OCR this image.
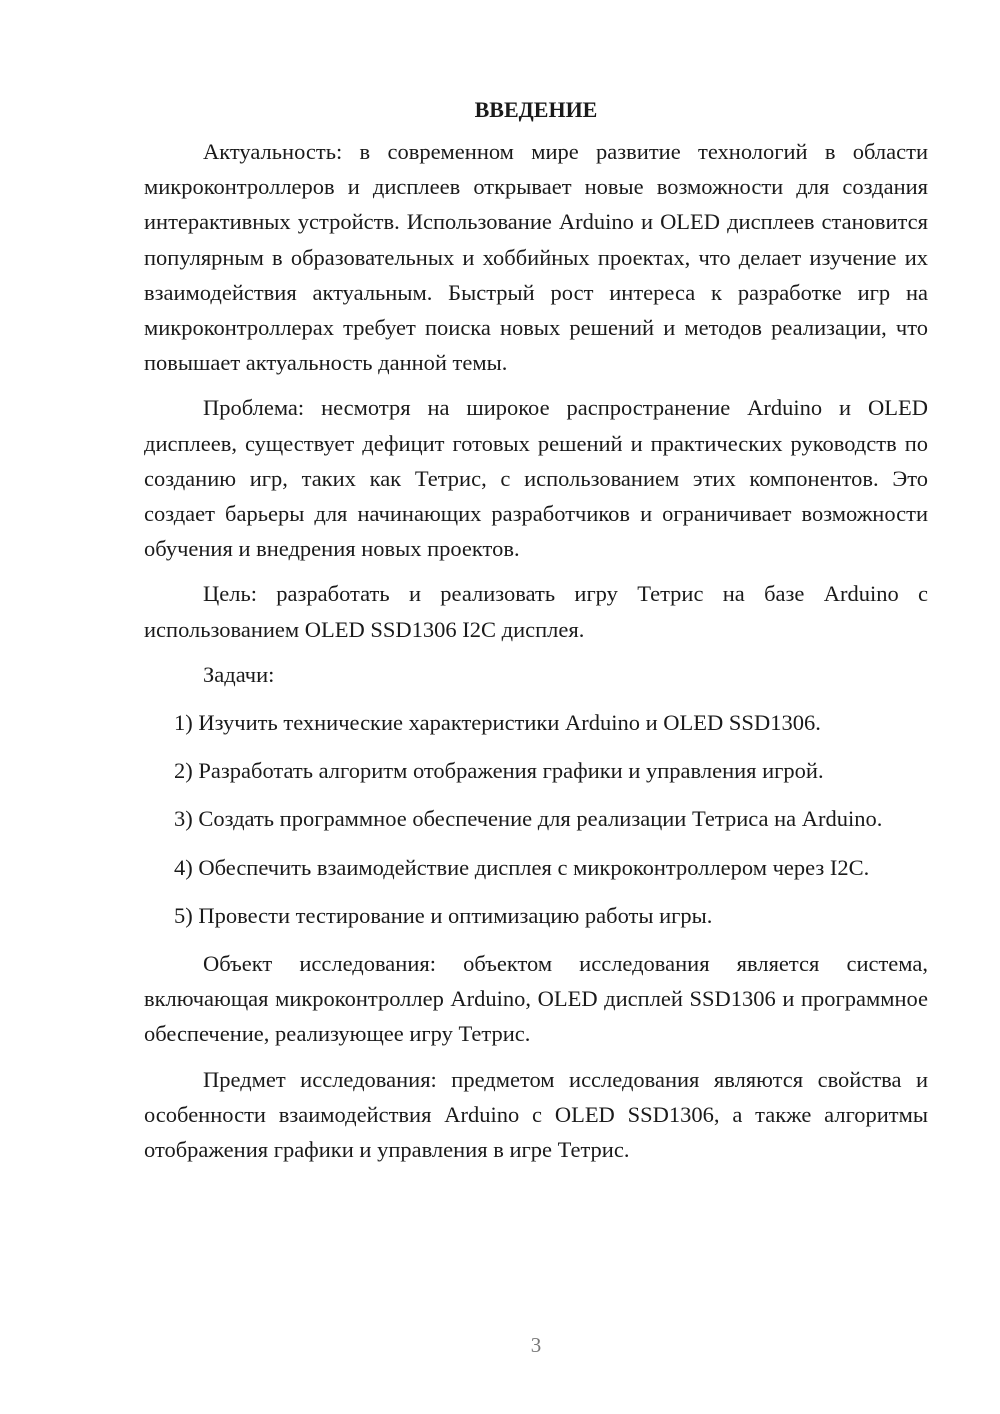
ВВЕДЕНИЕ

Актуальность: в современном мире развитие технологий в области микроконтроллеров и дисплеев открывает новые возможности для создания интерактивных устройств. Использование Arduino и OLED дисплеев становится популярным в образовательных и хоббийных проектах, что делает изучение их взаимодействия актуальным. Быстрый рост интереса к разработке игр на микроконтроллерах требует поиска новых решений и методов реализации, что повышает актуальность данной темы.

Проблема: несмотря на широкое распространение Arduino и OLED дисплеев, существует дефицит готовых решений и практических руководств по созданию игр, таких как Тетрис, с использованием этих компонентов. Это создает барьеры для начинающих разработчиков и ограничивает возможности обучения и внедрения новых проектов.

Цель: разработать и реализовать игру Тетрис на базе Arduino с использованием OLED SSD1306 I2C дисплея.

Задачи:

1) Изучить технические характеристики Arduino и OLED SSD1306.

2) Разработать алгоритм отображения графики и управления игрой.

3) Создать программное обеспечение для реализации Тетриса на Arduino.

4) Обеспечить взаимодействие дисплея с микроконтроллером через I2C.

5) Провести тестирование и оптимизацию работы игры.

Объект исследования: объектом исследования является система, включающая микроконтроллер Arduino, OLED дисплей SSD1306 и программное обеспечение, реализующее игру Тетрис.

Предмет исследования: предметом исследования являются свойства и особенности взаимодействия Arduino с OLED SSD1306, а также алгоритмы отображения графики и управления в игре Тетрис.

3
